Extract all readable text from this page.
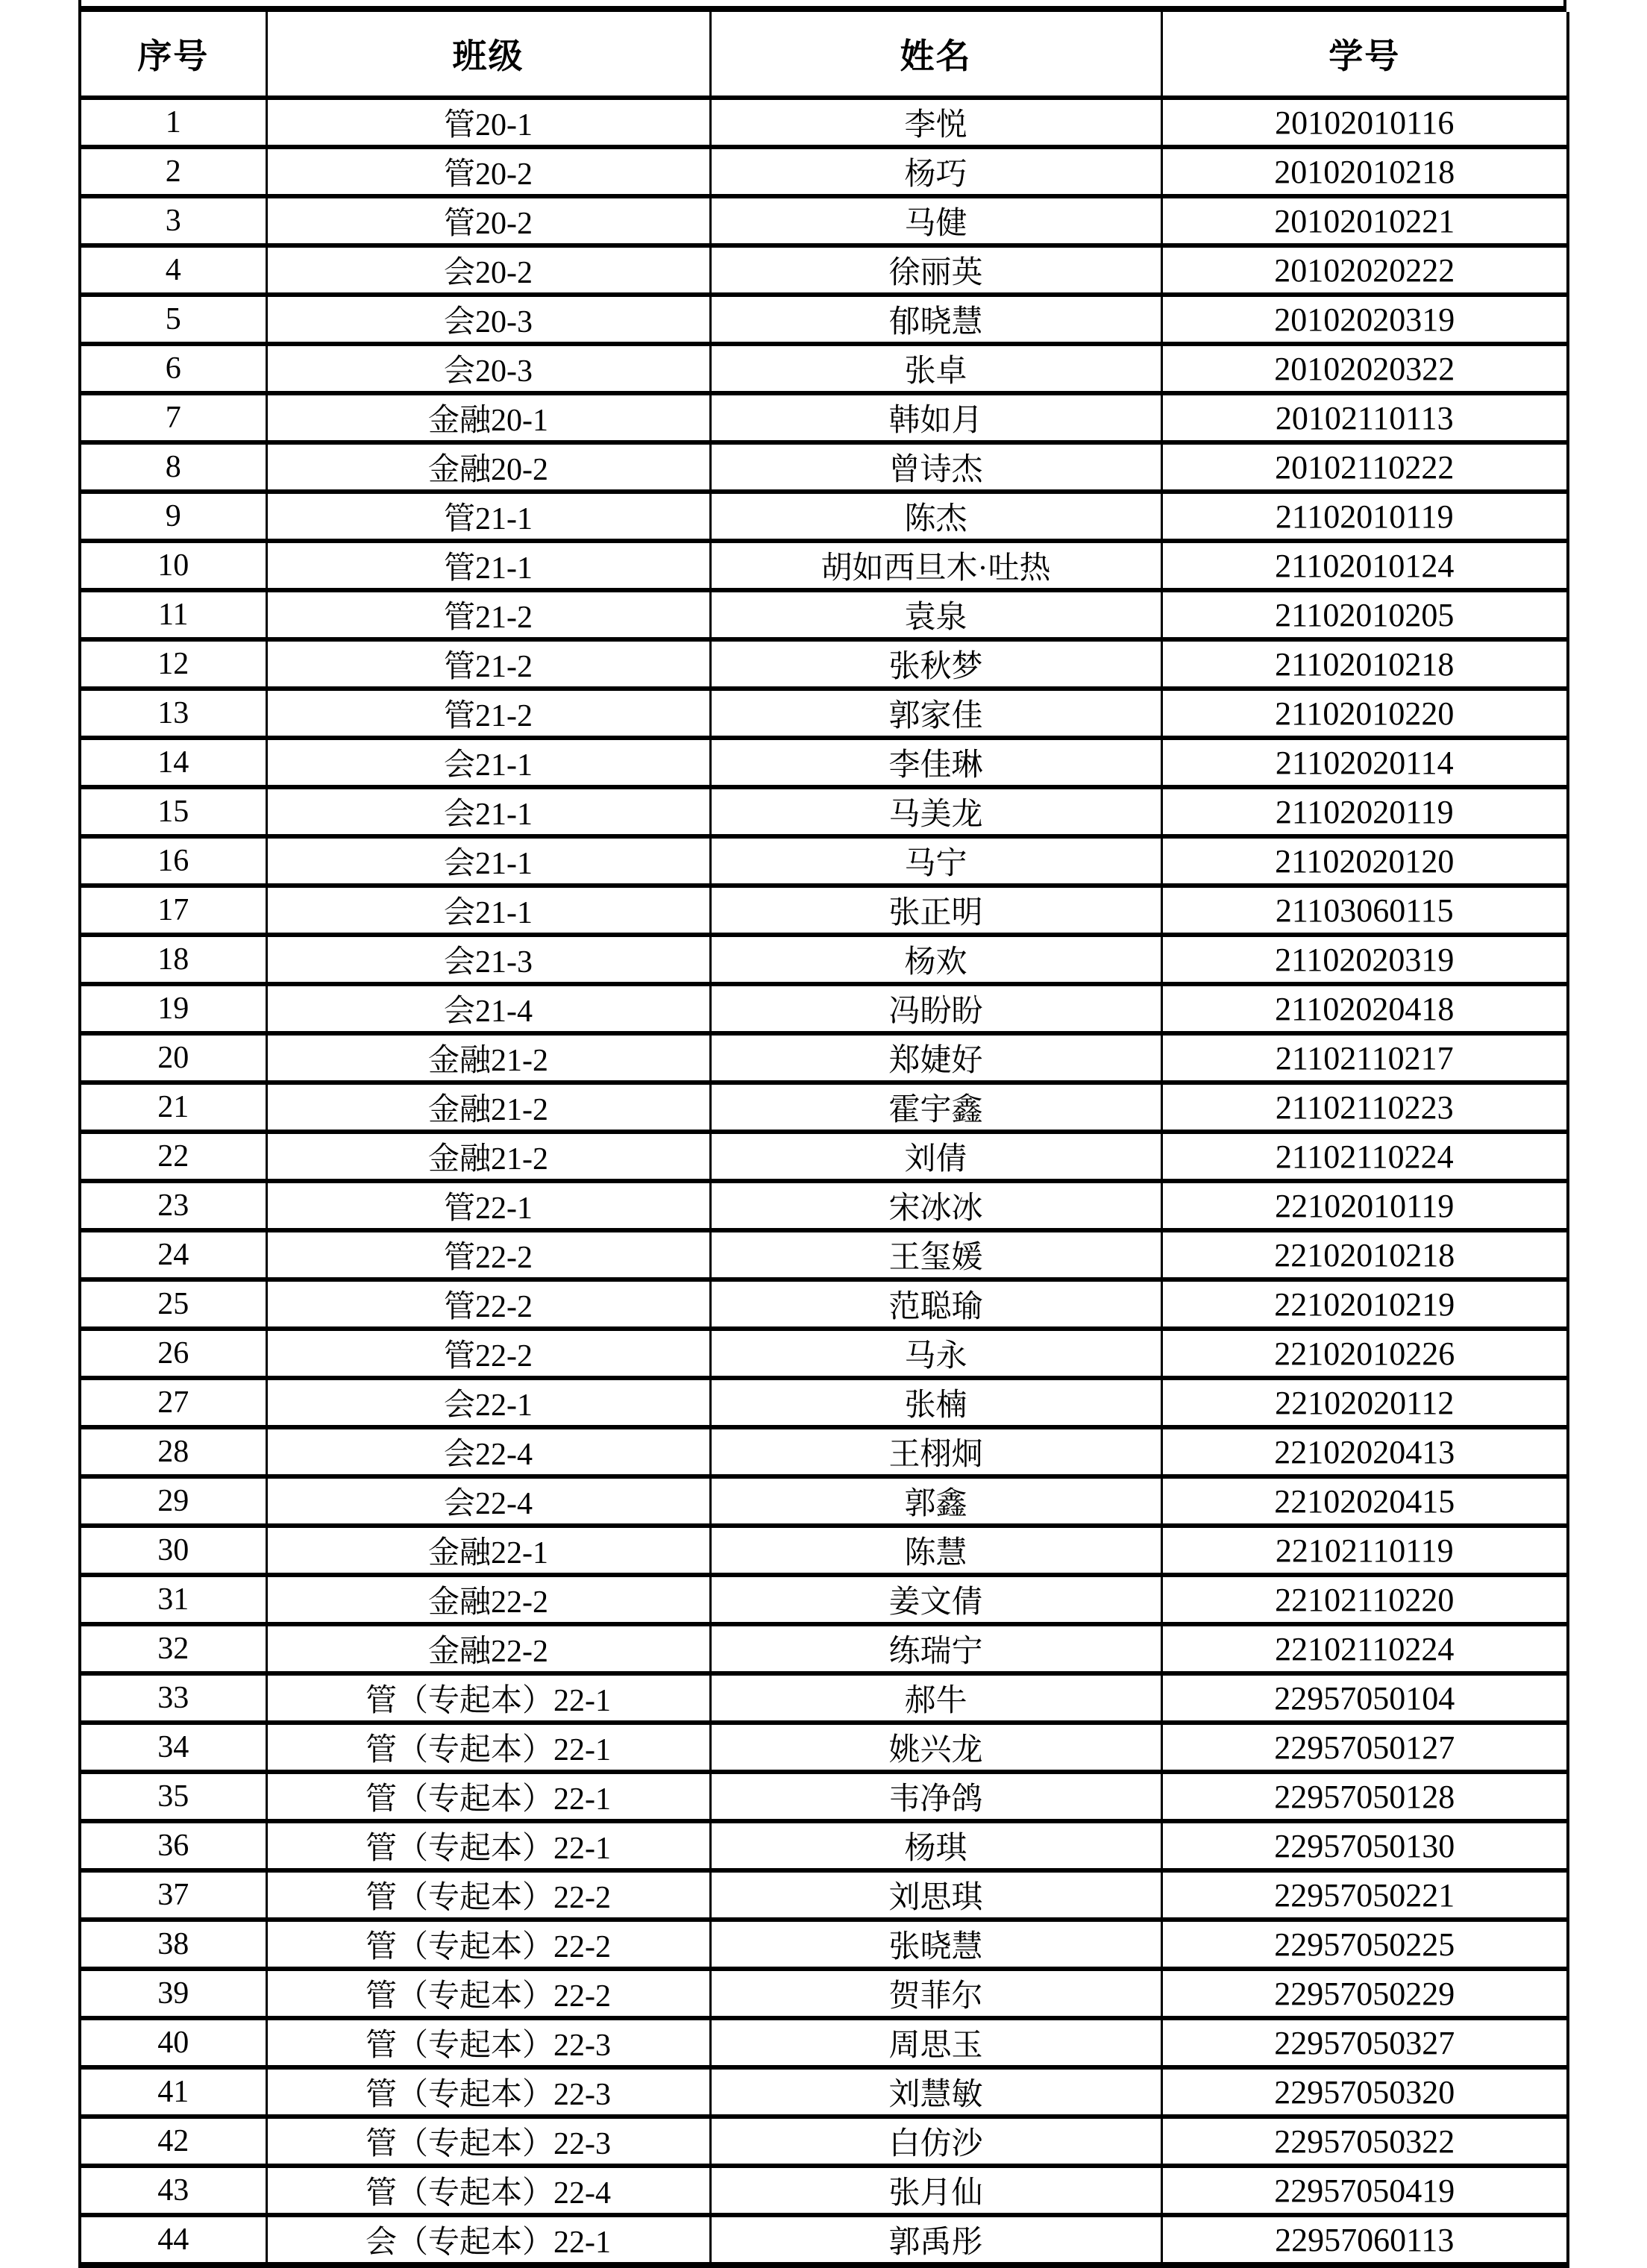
序号	班级	姓名	学号
1	管20-1	李悦	20102010116
2	管20-2	杨巧	20102010218
3	管20-2	马健	20102010221
4	会20-2	徐丽英	20102020222
5	会20-3	郁晓慧	20102020319
6	会20-3	张卓	20102020322
7	金融20-1	韩如月	20102110113
8	金融20-2	曾诗杰	20102110222
9	管21-1	陈杰	21102010119
10	管21-1	胡如西旦木·吐热	21102010124
11	管21-2	袁泉	21102010205
12	管21-2	张秋梦	21102010218
13	管21-2	郭家佳	21102010220
14	会21-1	李佳琳	21102020114
15	会21-1	马美龙	21102020119
16	会21-1	马宁	21102020120
17	会21-1	张正明	21103060115
18	会21-3	杨欢	21102020319
19	会21-4	冯盼盼	21102020418
20	金融21-2	郑婕好	21102110217
21	金融21-2	霍宇鑫	21102110223
22	金融21-2	刘倩	21102110224
23	管22-1	宋冰冰	22102010119
24	管22-2	王玺媛	22102010218
25	管22-2	范聪瑜	22102010219
26	管22-2	马永	22102010226
27	会22-1	张楠	22102020112
28	会22-4	王栩炯	22102020413
29	会22-4	郭鑫	22102020415
30	金融22-1	陈慧	22102110119
31	金融22-2	姜文倩	22102110220
32	金融22-2	练瑞宁	22102110224
33	管（专起本）22-1	郝牛	22957050104
34	管（专起本）22-1	姚兴龙	22957050127
35	管（专起本）22-1	韦净鸽	22957050128
36	管（专起本）22-1	杨琪	22957050130
37	管（专起本）22-2	刘思琪	22957050221
38	管（专起本）22-2	张晓慧	22957050225
39	管（专起本）22-2	贺菲尔	22957050229
40	管（专起本）22-3	周思玉	22957050327
41	管（专起本）22-3	刘慧敏	22957050320
42	管（专起本）22-3	白仿沙	22957050322
43	管（专起本）22-4	张月仙	22957050419
44	会（专起本）22-1	郭禹彤	22957060113
